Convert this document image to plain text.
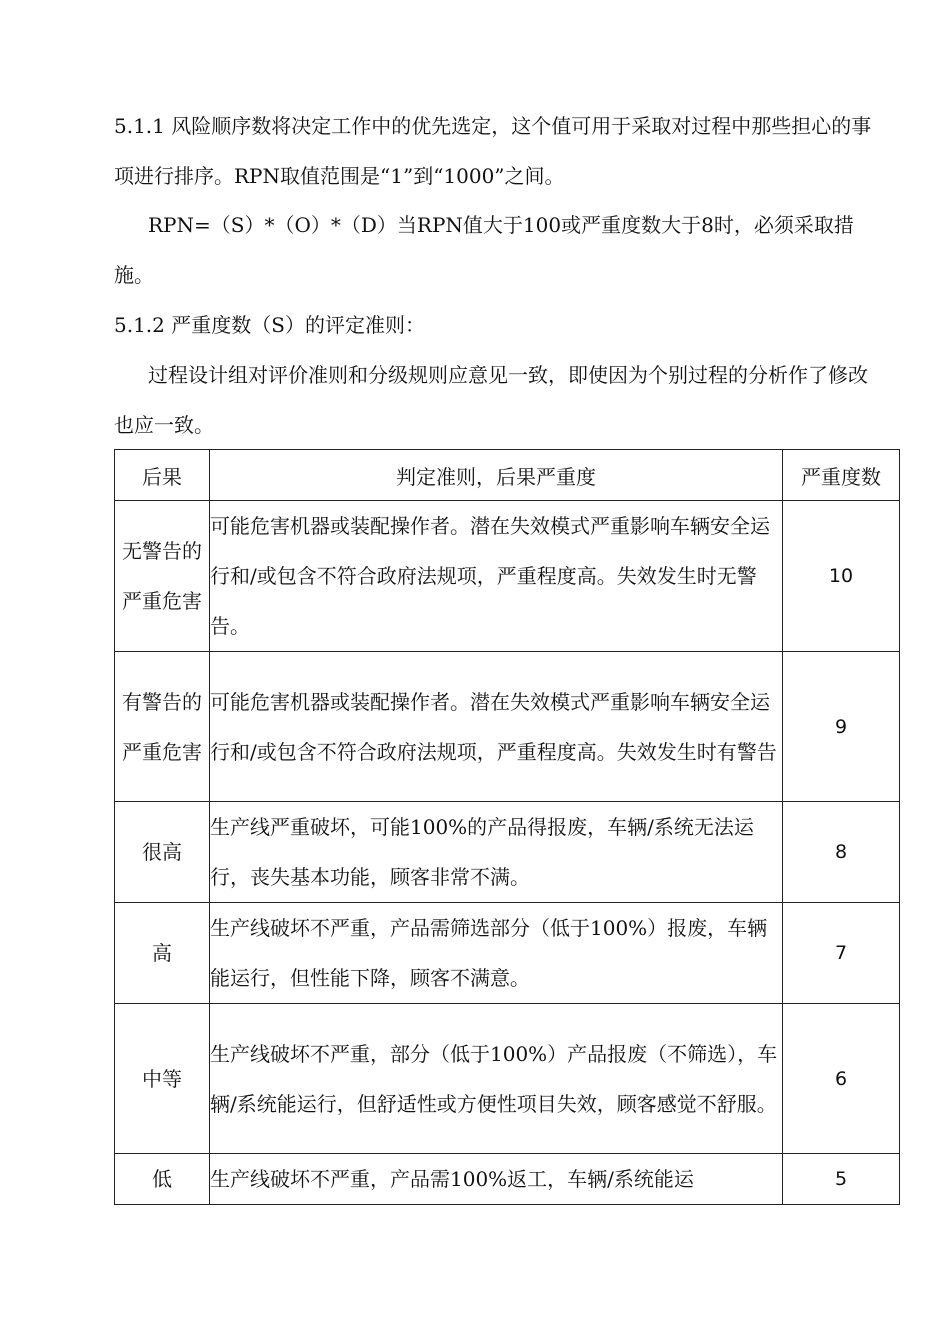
5.1.1 风险顺序数将决定工作中的优先选定，这个值可用于采取对过程中那些担心的事项进行排序。RPN取值范围是“1”到“1000”之间。

RPN=（S）*（O）*（D）当RPN值大于100或严重度数大于8时，必须采取措施。

5.1.2 严重度数（S）的评定准则：

过程设计组对评价准则和分级规则应意见一致，即使因为个别过程的分析作了修改也应一致。

后果	判定准则，后果严重度	严重度数
无警告的严重危害	可能危害机器或装配操作者。潜在失效模式严重影响车辆安全运行和/或包含不符合政府法规项，严重程度高。失效发生时无警告。	10
有警告的严重危害	可能危害机器或装配操作者。潜在失效模式严重影响车辆安全运行和/或包含不符合政府法规项，严重程度高。失效发生时有警告	9
很高	生产线严重破坏，可能100%的产品得报废，车辆/系统无法运行，丧失基本功能，顾客非常不满。	8
高	生产线破坏不严重，产品需筛选部分（低于100%）报废，车辆能运行，但性能下降，顾客不满意。	7
中等	生产线破坏不严重，部分（低于100%）产品报废（不筛选），车辆/系统能运行，但舒适性或方便性项目失效，顾客感觉不舒服。	6
低	生产线破坏不严重，产品需100%返工，车辆/系统能运	5
